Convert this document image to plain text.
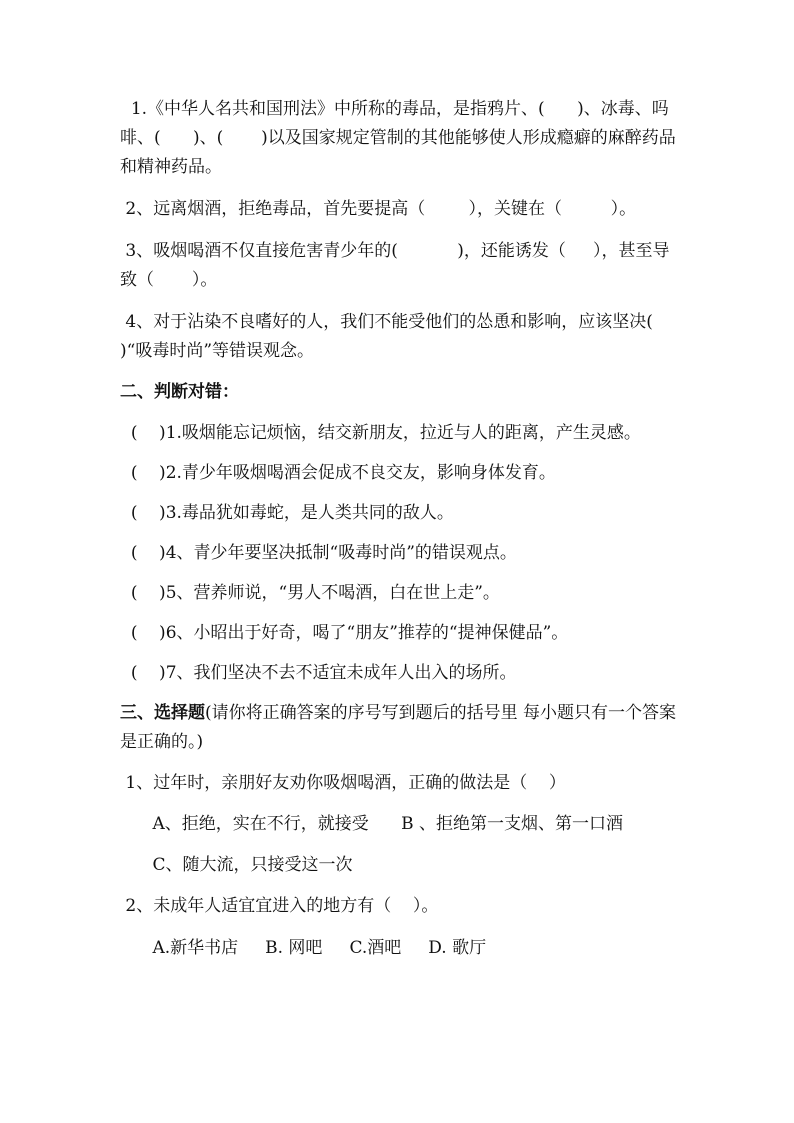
1.《中华人名共和国刑法》中所称的毒品，是指鸦片、(      )、冰毒、吗啡、(      )、(       )以及国家规定管制的其他能够使人形成瘾癖的麻醉药品和精神药品。

2、远离烟酒，拒绝毒品，首先要提高（        ），关键在（         ）。

3、吸烟喝酒不仅直接危害青少年的(           )，还能诱发（     ），甚至导致（       ）。

4、对于沾染不良嗜好的人，我们不能受他们的怂恿和影响，应该坚决(     )“吸毒时尚”等错误观念。

二、判断对错：

(    )1.吸烟能忘记烦恼，结交新朋友，拉近与人的距离，产生灵感。

(    )2.青少年吸烟喝酒会促成不良交友，影响身体发育。

(    )3.毒品犹如毒蛇，是人类共同的敌人。

(    )4、青少年要坚决抵制“吸毒时尚”的错误观点。

(    )5、营养师说，“男人不喝酒，白在世上走”。

(    )6、小昭出于好奇，喝了“朋友”推荐的“提神保健品”。

(    )7、我们坚决不去不适宜未成年人出入的场所。

三、选择题(请你将正确答案的序号写到题后的括号里 每小题只有一个答案是正确的。)

1、过年时，亲朋好友劝你吸烟喝酒，正确的做法是（    ）

A、拒绝，实在不行，就接受      B 、拒绝第一支烟、第一口酒

C、随大流，只接受这一次

2、未成年人适宜宜进入的地方有（    ）。

A.新华书店     B. 网吧     C.酒吧     D. 歌厅
